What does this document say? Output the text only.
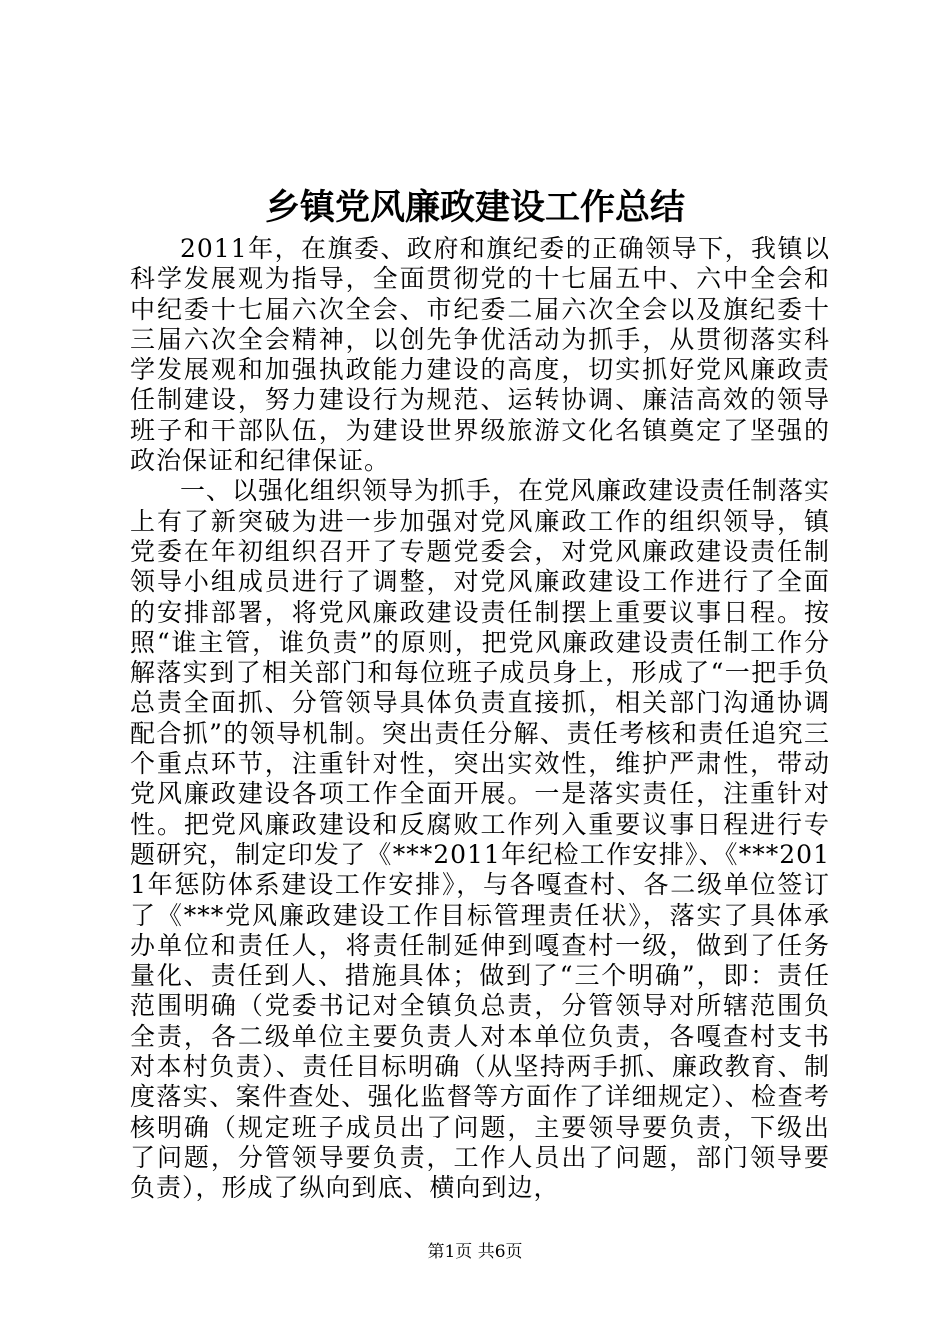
乡镇党风廉政建设工作总结

2011年，在旗委、政府和旗纪委的正确领导下，我镇以科学发展观为指导，全面贯彻党的十七届五中、六中全会和中纪委十七届六次全会、市纪委二届六次全会以及旗纪委十三届六次全会精神，以创先争优活动为抓手，从贯彻落实科学发展观和加强执政能力建设的高度，切实抓好党风廉政责任制建设，努力建设行为规范、运转协调、廉洁高效的领导班子和干部队伍，为建设世界级旅游文化名镇奠定了坚强的政治保证和纪律保证。

一、以强化组织领导为抓手，在党风廉政建设责任制落实上有了新突破为进一步加强对党风廉政工作的组织领导，镇党委在年初组织召开了专题党委会，对党风廉政建设责任制领导小组成员进行了调整，对党风廉政建设工作进行了全面的安排部署，将党风廉政建设责任制摆上重要议事日程。按照“谁主管，谁负责”的原则，把党风廉政建设责任制工作分解落实到了相关部门和每位班子成员身上，形成了“一把手负总责全面抓、分管领导具体负责直接抓，相关部门沟通协调配合抓”的领导机制。突出责任分解、责任考核和责任追究三个重点环节，注重针对性，突出实效性，维护严肃性，带动党风廉政建设各项工作全面开展。一是落实责任，注重针对性。把党风廉政建设和反腐败工作列入重要议事日程进行专题研究，制定印发了《***2011年纪检工作安排》、《***2011年惩防体系建设工作安排》，与各嘎查村、各二级单位签订了《***党风廉政建设工作目标管理责任状》，落实了具体承办单位和责任人，将责任制延伸到嘎查村一级，做到了任务量化、责任到人、措施具体；做到了“三个明确”，即：责任范围明确（党委书记对全镇负总责，分管领导对所辖范围负全责，各二级单位主要负责人对本单位负责，各嘎查村支书对本村负责）、责任目标明确（从坚持两手抓、廉政教育、制度落实、案件查处、强化监督等方面作了详细规定）、检查考核明确（规定班子成员出了问题，主要领导要负责，下级出了问题，分管领导要负责，工作人员出了问题，部门领导要负责），形成了纵向到底、横向到边，

第1页 共6页
